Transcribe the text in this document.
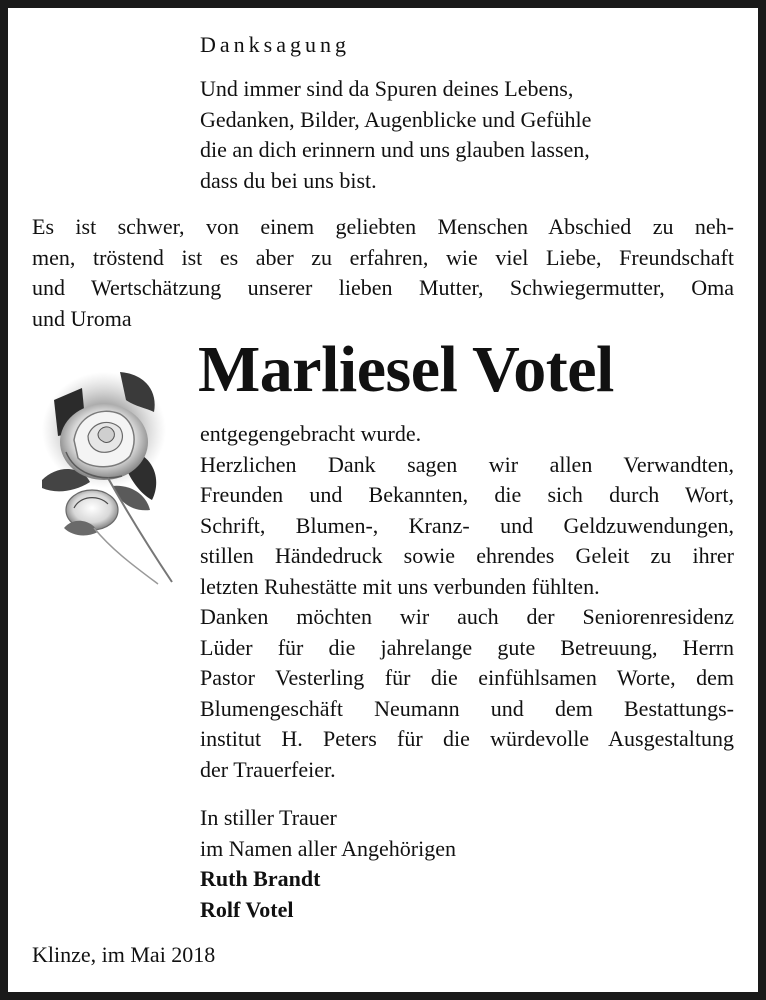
Danksagung
Und immer sind da Spuren deines Lebens,
Gedanken, Bilder, Augenblicke und Gefühle
die an dich erinnern und uns glauben lassen,
dass du bei uns bist.
Es ist schwer, von einem geliebten Menschen Abschied zu neh-
men, tröstend ist es aber zu erfahren, wie viel Liebe, Freundschaft
und Wertschätzung unserer lieben Mutter, Schwiegermutter, Oma
und Uroma
Marliesel Votel
entgegengebracht wurde.
Herzlichen Dank sagen wir allen Verwandten,
Freunden und Bekannten, die sich durch Wort,
Schrift, Blumen-, Kranz- und Geldzuwendungen,
stillen Händedruck sowie ehrendes Geleit zu ihrer
letzten Ruhestätte mit uns verbunden fühlten.
Danken möchten wir auch der Seniorenresidenz
Lüder für die jahrelange gute Betreuung, Herrn
Pastor Vesterling für die einfühlsamen Worte, dem
Blumengeschäft Neumann und dem Bestattungs-
institut H. Peters für die würdevolle Ausgestaltung
der Trauerfeier.
In stiller Trauer
im Namen aller Angehörigen
Ruth Brandt
Rolf Votel
Klinze, im Mai 2018
